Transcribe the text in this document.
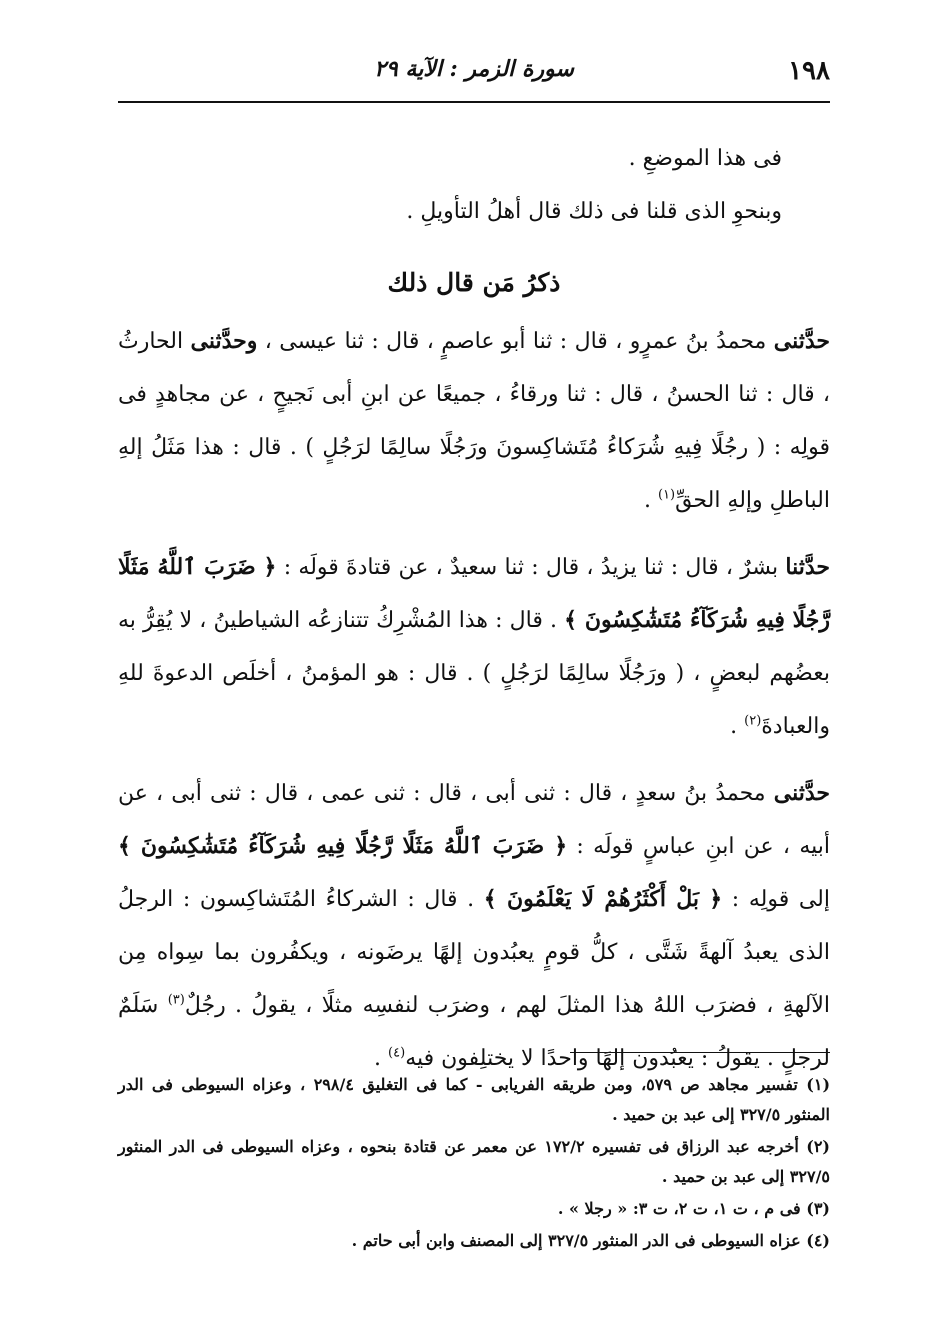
١٩٨
سورة الزمر : الآية ٢٩

فى هذا الموضعِ .

وبنحوِ الذى قلنا فى ذلك قال أهلُ التأويلِ .

ذكرُ مَن قال ذلك

حدَّثنى محمدُ بنُ عمرٍو ، قال : ثنا أبو عاصمٍ ، قال : ثنا عيسى ، وحدَّثنى الحارثُ ، قال : ثنا الحسنُ ، قال : ثنا ورقاءُ ، جميعًا عن ابنِ أبى نَجيحٍ ، عن مجاهدٍ فى قولِه : ( رجُلًا فِيهِ شُرَكاءُ مُتَشاكِسونَ ورَجُلًا سالِمًا لرَجُلٍ ) . قال : هذا مَثَلُ إلهِ الباطلِ وإلهِ الحقِّ$^{(١)}$ .

حدَّثنا بشرٌ ، قال : ثنا يزيدُ ، قال : ثنا سعيدٌ ، عن قتادةَ قولَه : ﴿ ضَرَبَ ٱللَّهُ مَثَلًا رَّجُلًا فِيهِ شُرَكَآءُ مُتَشَٰكِسُونَ ﴾ . قال : هذا المُشْرِكُ تتنازعُه الشياطينُ ، لا يُقِرُّ به بعضُهم لبعضٍ ، ( ورَجُلًا سالِمًا لرَجُلٍ ) . قال : هو المؤمنُ ، أخلَص الدعوةَ للهِ والعبادةَ$^{(٢)}$ .

حدَّثنى محمدُ بنُ سعدٍ ، قال : ثنى أبى ، قال : ثنى عمى ، قال : ثنى أبى ، عن أبيه ، عن ابنِ عباسٍ قولَه : ﴿ ضَرَبَ ٱللَّهُ مَثَلًا رَّجُلًا فِيهِ شُرَكَآءُ مُتَشَٰكِسُونَ ﴾ إلى قولِه : ﴿ بَلْ أَكْثَرُهُمْ لَا يَعْلَمُونَ ﴾ . قال : الشركاءُ المُتَشاكِسون : الرجلُ الذى يعبدُ آلهةً شَتَّى ، كلُّ قومٍ يعبُدون إلهًا يرضَونه ، ويكفُرون بما سِواه مِن الآلهةِ ، فضرَب اللهُ هذا المثلَ لهم ، وضرَب لنفسِه مثلًا ، يقولُ . رجُلٌ$^{(٣)}$ سَلَمٌ لرجلٍ . يقولُ : يعبُدون إلهًا واحدًا لا يختلِفون فيه$^{(٤)}$ .

(١) تفسير مجاهد ص ٥٧٩، ومن طريقه الفريابى - كما فى التغليق ٢٩٨/٤ ، وعزاه السيوطى فى الدر المنثور ٣٢٧/٥ إلى عبد بن حميد .

(٢) أخرجه عبد الرزاق فى تفسيره ١٧٢/٢ عن معمر عن قتادة بنحوه ، وعزاه السيوطى فى الدر المنثور ٣٢٧/٥ إلى عبد بن حميد .

(٣) فى م ، ت ١، ت ٢، ت ٣: « رجلا » .

(٤) عزاه السيوطى فى الدر المنثور ٣٢٧/٥ إلى المصنف وابن أبى حاتم .
